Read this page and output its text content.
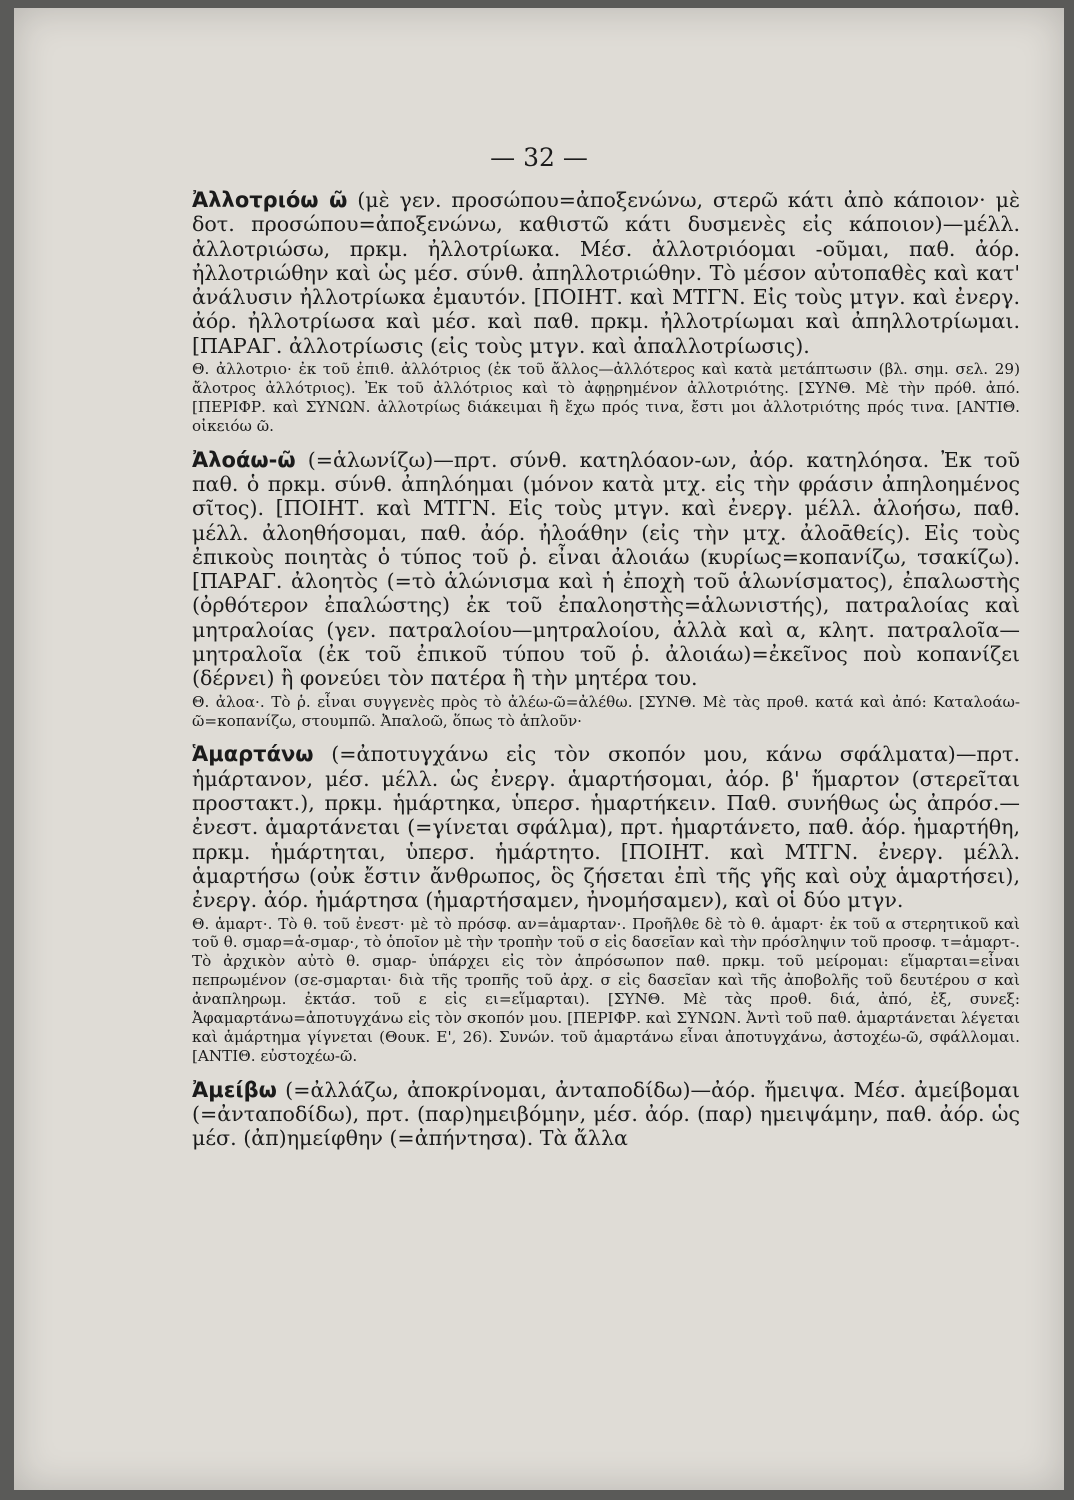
— 32 —

Ἀλλοτριόω ῶ (μὲ γεν. προσώπου=ἀποξενώνω, στερῶ κάτι ἀπὸ κάποιον· μὲ δοτ. προσώπου=ἀποξενώνω, καθιστῶ κάτι δυσμενὲς εἰς κάποιον)—μέλλ. ἀλλοτριώσω, πρκμ. ἠλλοτρίωκα. Μέσ. ἀλλοτριόομαι -οῦμαι, παθ. ἀόρ. ἠλλοτριώθην καὶ ὡς μέσ. σύνθ. ἀπηλλοτριώθην. Τὸ μέσον αὐτοπαθὲς καὶ κατ' ἀνάλυσιν ἠλλοτρίωκα ἐμαυτόν. [ΠΟΙΗΤ. καὶ ΜΤΓΝ. Εἰς τοὺς μτγν. καὶ ἐνεργ. ἀόρ. ἠλλοτρίωσα καὶ μέσ. καὶ παθ. πρκμ. ἠλλοτρίωμαι καὶ ἀπηλλοτρίωμαι. [ΠΑΡΑΓ. ἀλλοτρίωσις (εἰς τοὺς μτγν. καὶ ἀπαλλοτρίωσις).

Θ. ἀλλοτριο· ἐκ τοῦ ἐπιθ. ἀλλότριος (ἐκ τοῦ ἄλλος—ἀλλότερος καὶ κατὰ μετάπτωσιν (βλ. σημ. σελ. 29) ἄλοτρος ἀλλότριος). Ἐκ τοῦ ἀλλότριος καὶ τὸ ἀφῃρημένον ἀλλοτριότης. [ΣΥΝΘ. Μὲ τὴν πρόθ. ἀπό. [ΠΕΡΙΦΡ. καὶ ΣΥΝΩΝ. ἀλλοτρίως διάκειμαι ἢ ἔχω πρός τινα, ἔστι μοι ἀλλοτριότης πρός τινα. [ΑΝΤΙΘ. οἰκειόω ῶ.

Ἀλοάω-ῶ (=ἁλωνίζω)—πρτ. σύνθ. κατηλόαον-ων, ἀόρ. κατηλόησα. Ἐκ τοῦ παθ. ὁ πρκμ. σύνθ. ἀπηλόημαι (μόνον κατὰ μτχ. εἰς τὴν φράσιν ἀπηλοημένος σῖτος). [ΠΟΙΗΤ. καὶ ΜΤΓΝ. Εἰς τοὺς μτγν. καὶ ἐνεργ. μέλλ. ἀλοήσω, παθ. μέλλ. ἀλοηθήσομαι, παθ. ἀόρ. ἠλοάθην (εἰς τὴν μτχ. ἀλοᾱθείς). Εἰς τοὺς ἐπικοὺς ποιητὰς ὁ τύπος τοῦ ῥ. εἶναι ἀλοιάω (κυρίως=κοπανίζω, τσακίζω). [ΠΑΡΑΓ. ἀλοητὸς (=τὸ ἁλώνισμα καὶ ἡ ἐποχὴ τοῦ ἁλωνίσματος), ἐπαλωστὴς (ὀρθότερον ἐπαλώστης) ἐκ τοῦ ἐπαλοηστὴς=ἁλωνιστής), πατραλοίας καὶ μητραλοίας (γεν. πατραλοίου—μητραλοίου, ἀλλὰ καὶ α, κλητ. πατραλοῖα—μητραλοῖα (ἐκ τοῦ ἐπικοῦ τύπου τοῦ ῥ. ἀλοιάω)=ἐκεῖνος ποὺ κοπανίζει (δέρνει) ἢ φονεύει τὸν πατέρα ἢ τὴν μητέρα του.

Θ. ἀλοα·. Τὸ ῥ. εἶναι συγγενὲς πρὸς τὸ ἀλέω-ῶ=ἀλέθω. [ΣΥΝΘ. Μὲ τὰς προθ. κατά καὶ ἀπό: Καταλοάω-ῶ=κοπανίζω, στουμπῶ. Ἀπαλοῶ, ὅπως τὸ ἁπλοῦν·

Ἁμαρτάνω (=ἀποτυγχάνω εἰς τὸν σκοπόν μου, κάνω σφάλματα)—πρτ. ἡμάρτανον, μέσ. μέλλ. ὡς ἐνεργ. ἁμαρτήσομαι, ἀόρ. β' ἥμαρτον (στερεῖται προστακτ.), πρκμ. ἡμάρτηκα, ὑπερσ. ἡμαρτήκειν. Παθ. συνήθως ὡς ἀπρόσ.—ἐνεστ. ἁμαρτάνεται (=γίνεται σφάλμα), πρτ. ἡμαρτάνετο, παθ. ἀόρ. ἡμαρτήθη, πρκμ. ἡμάρτηται, ὑπερσ. ἡμάρτητο. [ΠΟΙΗΤ. καὶ ΜΤΓΝ. ἐνεργ. μέλλ. ἁμαρτήσω (οὐκ ἔστιν ἄνθρωπος, ὃς ζήσεται ἐπὶ τῆς γῆς καὶ οὐχ ἁμαρτήσει), ἐνεργ. ἀόρ. ἡμάρτησα (ἡμαρτήσαμεν, ἠνομήσαμεν), καὶ οἱ δύο μτγν.

Θ. ἁμαρτ·. Τὸ θ. τοῦ ἐνεστ· μὲ τὸ πρόσφ. αν=ἁμαρταν·. Προῆλθε δὲ τὸ θ. ἁμαρτ· ἐκ τοῦ α στερητικοῦ καὶ τοῦ θ. σμαρ=ἁ-σμαρ·, τὸ ὁποῖον μὲ τὴν τροπὴν τοῦ σ εἰς δασεῖαν καὶ τὴν πρόσληψιν τοῦ προσφ. τ=ἁμαρτ-. Τὸ ἀρχικὸν αὐτὸ θ. σμαρ- ὑπάρχει εἰς τὸν ἀπρόσωπον παθ. πρκμ. τοῦ μείρομαι: εἵμαρται=εἶναι πεπρωμένον (σε-σμαρται· διὰ τῆς τροπῆς τοῦ ἀρχ. σ εἰς δασεῖαν καὶ τῆς ἀποβολῆς τοῦ δευτέρου σ καὶ ἀναπληρωμ. ἐκτάσ. τοῦ ε εἰς ει=εἵμαρται). [ΣΥΝΘ. Μὲ τὰς προθ. διά, ἀπό, ἐξ, συνεξ: Ἀφαμαρτάνω=ἀποτυγχάνω εἰς τὸν σκοπόν μου. [ΠΕΡΙΦΡ. καὶ ΣΥΝΩΝ. Ἀντὶ τοῦ παθ. ἁμαρτάνεται λέγεται καὶ ἁμάρτημα γίγνεται (Θουκ. Ε', 26). Συνών. τοῦ ἁμαρτάνω εἶναι ἀποτυγχάνω, ἀστοχέω-ῶ, σφάλλομαι. [ΑΝΤΙΘ. εὐστοχέω-ῶ.

Ἀμείβω (=ἀλλάζω, ἀποκρίνομαι, ἀνταποδίδω)—ἀόρ. ἤμειψα. Μέσ. ἀμείβομαι (=ἀνταποδίδω), πρτ. (παρ)ημειβόμην, μέσ. ἀόρ. (παρ) ημειψάμην, παθ. ἀόρ. ὡς μέσ. (ἀπ)ημείφθην (=ἀπήντησα). Τὰ ἄλλα
